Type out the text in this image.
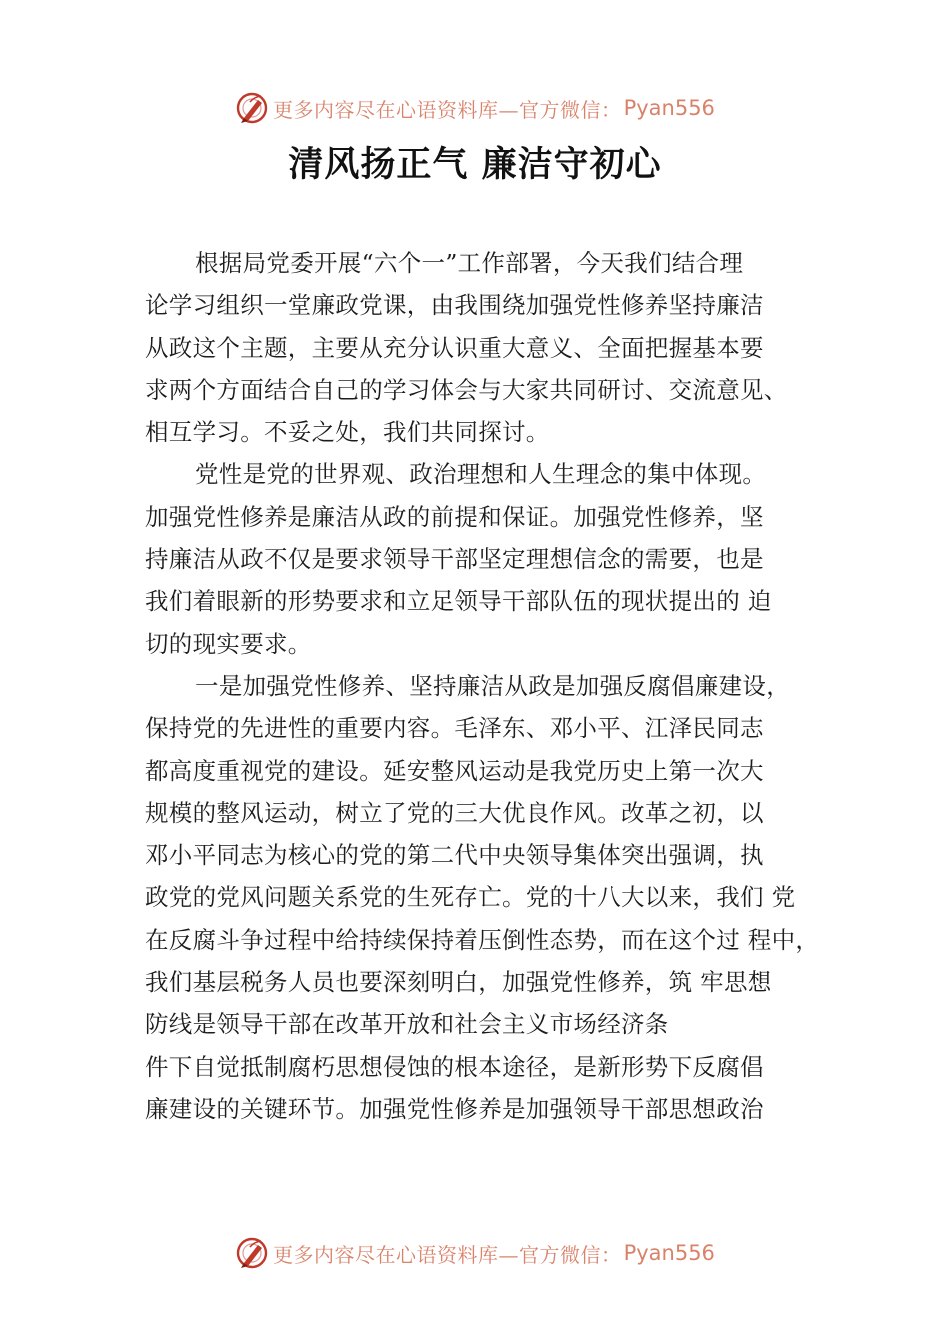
更多内容尽在心语资料库—官方微信： Pyan556
清风扬正气 廉洁守初心
根据局党委开展“六个一”工作部署，今天我们结合理
论学习组织一堂廉政党课，由我围绕加强党性修养坚持廉洁
从政这个主题，主要从充分认识重大意义、全面把握基本要
求两个方面结合自己的学习体会与大家共同研讨、交流意见、
相互学习。不妥之处，我们共同探讨。
党性是党的世界观、政治理想和人生理念的集中体现。
加强党性修养是廉洁从政的前提和保证。加强党性修养，坚
持廉洁从政不仅是要求领导干部坚定理想信念的需要，也是
我们着眼新的形势要求和立足领导干部队伍的现状提出的 迫
切的现实要求。
一是加强党性修养、坚持廉洁从政是加强反腐倡廉建设，
保持党的先进性的重要内容。毛泽东、邓小平、江泽民同志
都高度重视党的建设。延安整风运动是我党历史上第一次大
规模的整风运动，树立了党的三大优良作风。改革之初，以
邓小平同志为核心的党的第二代中央领导集体突出强调，执
政党的党风问题关系党的生死存亡。党的十八大以来，我们 党
在反腐斗争过程中给持续保持着压倒性态势，而在这个过 程中，
我们基层税务人员也要深刻明白，加强党性修养，筑 牢思想
防线是领导干部在改革开放和社会主义市场经济条
件下自觉抵制腐朽思想侵蚀的根本途径，是新形势下反腐倡
廉建设的关键环节。加强党性修养是加强领导干部思想政治
更多内容尽在心语资料库—官方微信： Pyan556
